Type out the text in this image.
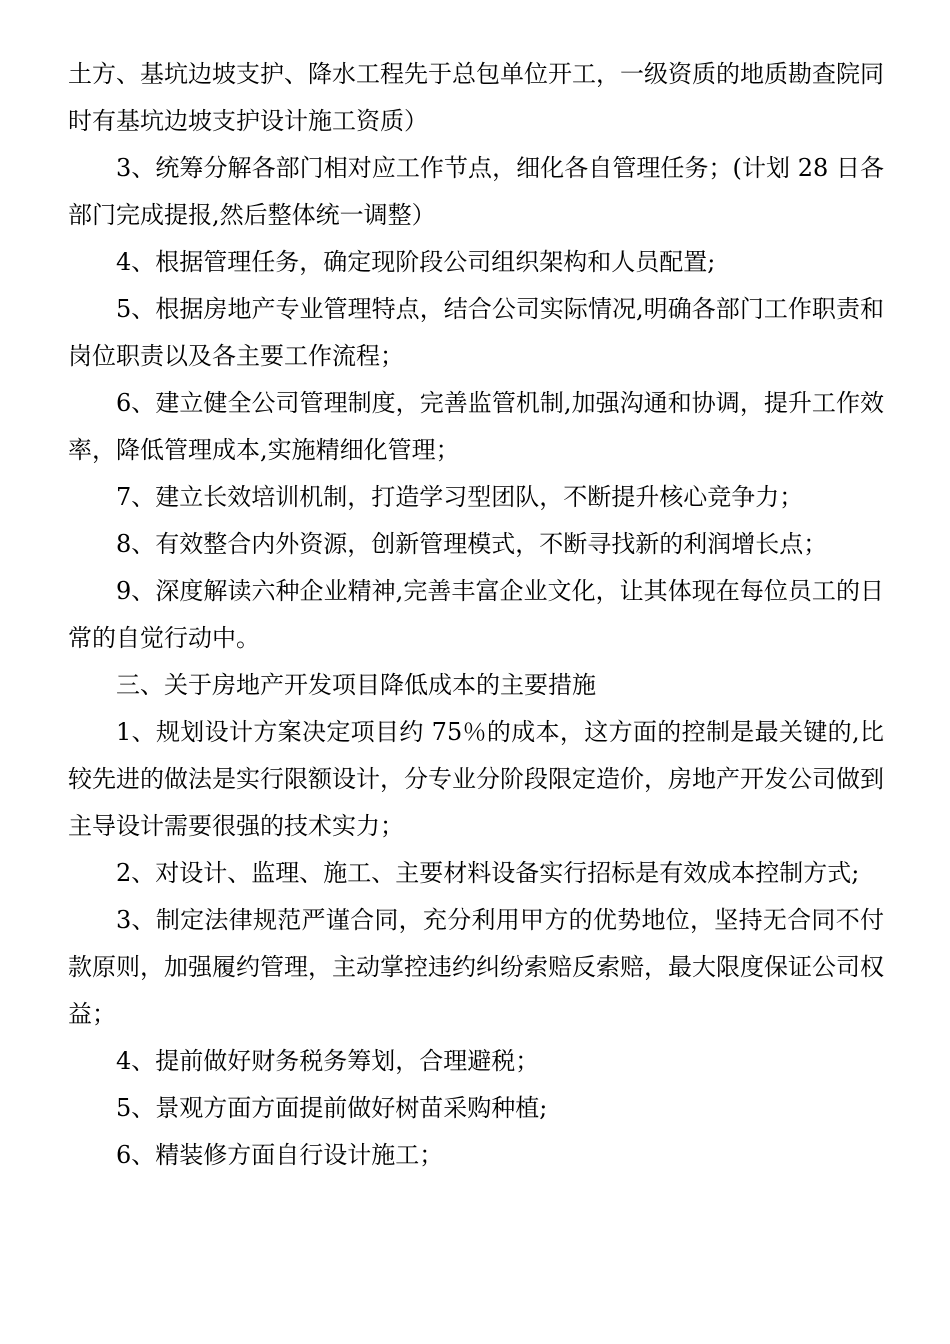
土方、基坑边坡支护、降水工程先于总包单位开工，一级资质的地质勘查院同时有基坑边坡支护设计施工资质）

3、统筹分解各部门相对应工作节点，细化各自管理任务；(计划 28 日各部门完成提报,然后整体统一调整）

4、根据管理任务，确定现阶段公司组织架构和人员配置;

5、根据房地产专业管理特点，结合公司实际情况,明确各部门工作职责和岗位职责以及各主要工作流程；

6、建立健全公司管理制度，完善监管机制,加强沟通和协调，提升工作效率，降低管理成本,实施精细化管理；

7、建立长效培训机制，打造学习型团队，不断提升核心竞争力；

8、有效整合内外资源，创新管理模式，不断寻找新的利润增长点；

9、深度解读六种企业精神,完善丰富企业文化，让其体现在每位员工的日常的自觉行动中。

三、关于房地产开发项目降低成本的主要措施

1、规划设计方案决定项目约 75％的成本，这方面的控制是最关键的,比较先进的做法是实行限额设计，分专业分阶段限定造价，房地产开发公司做到主导设计需要很强的技术实力；

2、对设计、监理、施工、主要材料设备实行招标是有效成本控制方式;

3、制定法律规范严谨合同，充分利用甲方的优势地位，坚持无合同不付款原则，加强履约管理，主动掌控违约纠纷索赔反索赔，最大限度保证公司权益；

4、提前做好财务税务筹划，合理避税；

5、景观方面方面提前做好树苗采购种植;

6、精装修方面自行设计施工；
